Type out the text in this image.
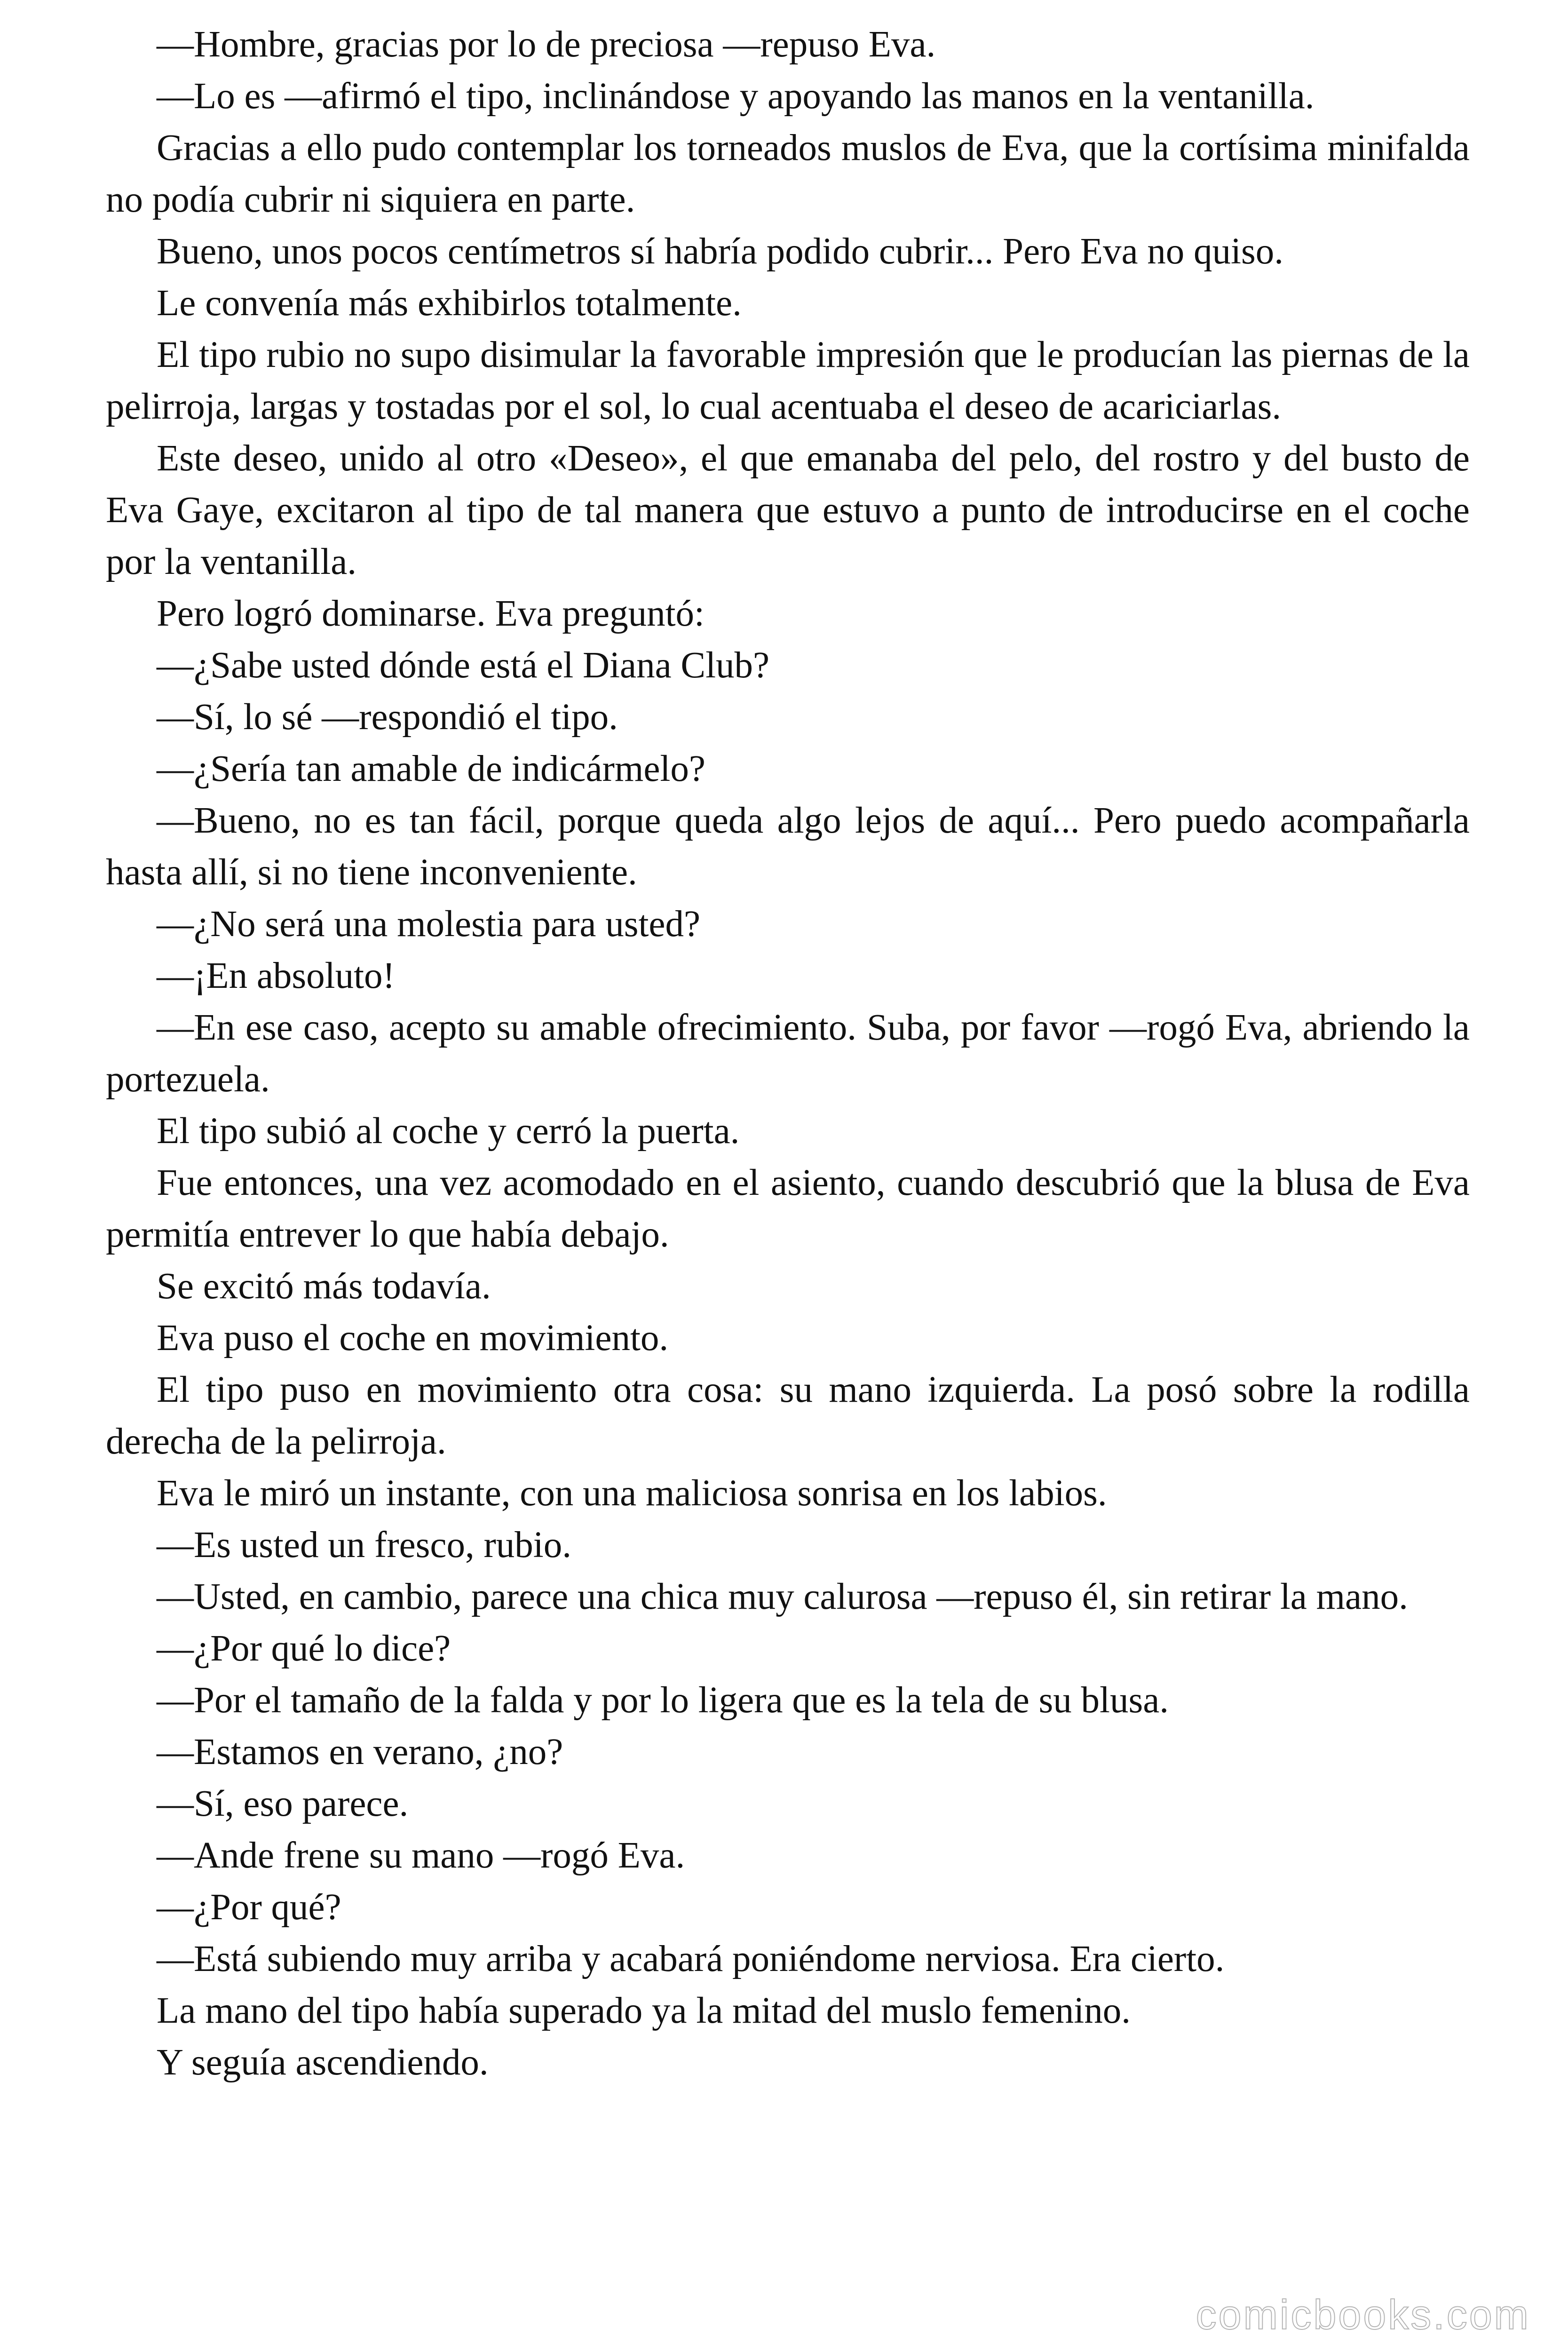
—Hombre, gracias por lo de preciosa —repuso Eva.

—Lo es —afirmó el tipo, inclinándose y apoyando las manos en la ventanilla.

Gracias a ello pudo contemplar los torneados muslos de Eva, que la cortísima minifalda no podía cubrir ni siquiera en parte.

Bueno, unos pocos centímetros sí habría podido cubrir... Pero Eva no quiso.

Le convenía más exhibirlos totalmente.

El tipo rubio no supo disimular la favorable impresión que le producían las piernas de la pelirroja, largas y tostadas por el sol, lo cual acentuaba el deseo de acariciarlas.

Este deseo, unido al otro «Deseo», el que emanaba del pelo, del rostro y del busto de Eva Gaye, excitaron al tipo de tal manera que estuvo a punto de introducirse en el coche por la ventanilla.

Pero logró dominarse. Eva preguntó:

—¿Sabe usted dónde está el Diana Club?

—Sí, lo sé —respondió el tipo.

—¿Sería tan amable de indicármelo?

—Bueno, no es tan fácil, porque queda algo lejos de aquí... Pero puedo acompañarla hasta allí, si no tiene inconveniente.

—¿No será una molestia para usted?

—¡En absoluto!

—En ese caso, acepto su amable ofrecimiento. Suba, por favor —rogó Eva, abriendo la portezuela.

El tipo subió al coche y cerró la puerta.

Fue entonces, una vez acomodado en el asiento, cuando descubrió que la blusa de Eva permitía entrever lo que había debajo.

Se excitó más todavía.

Eva puso el coche en movimiento.

El tipo puso en movimiento otra cosa: su mano izquierda. La posó sobre la rodilla derecha de la pelirroja.

Eva le miró un instante, con una maliciosa sonrisa en los labios.

—Es usted un fresco, rubio.

—Usted, en cambio, parece una chica muy calurosa —repuso él, sin retirar la mano.

—¿Por qué lo dice?

—Por el tamaño de la falda y por lo ligera que es la tela de su blusa.

—Estamos en verano, ¿no?

—Sí, eso parece.

—Ande frene su mano —rogó Eva.

—¿Por qué?

—Está subiendo muy arriba y acabará poniéndome nerviosa. Era cierto.

La mano del tipo había superado ya la mitad del muslo femenino.

Y seguía ascendiendo.

comicbooks.com
